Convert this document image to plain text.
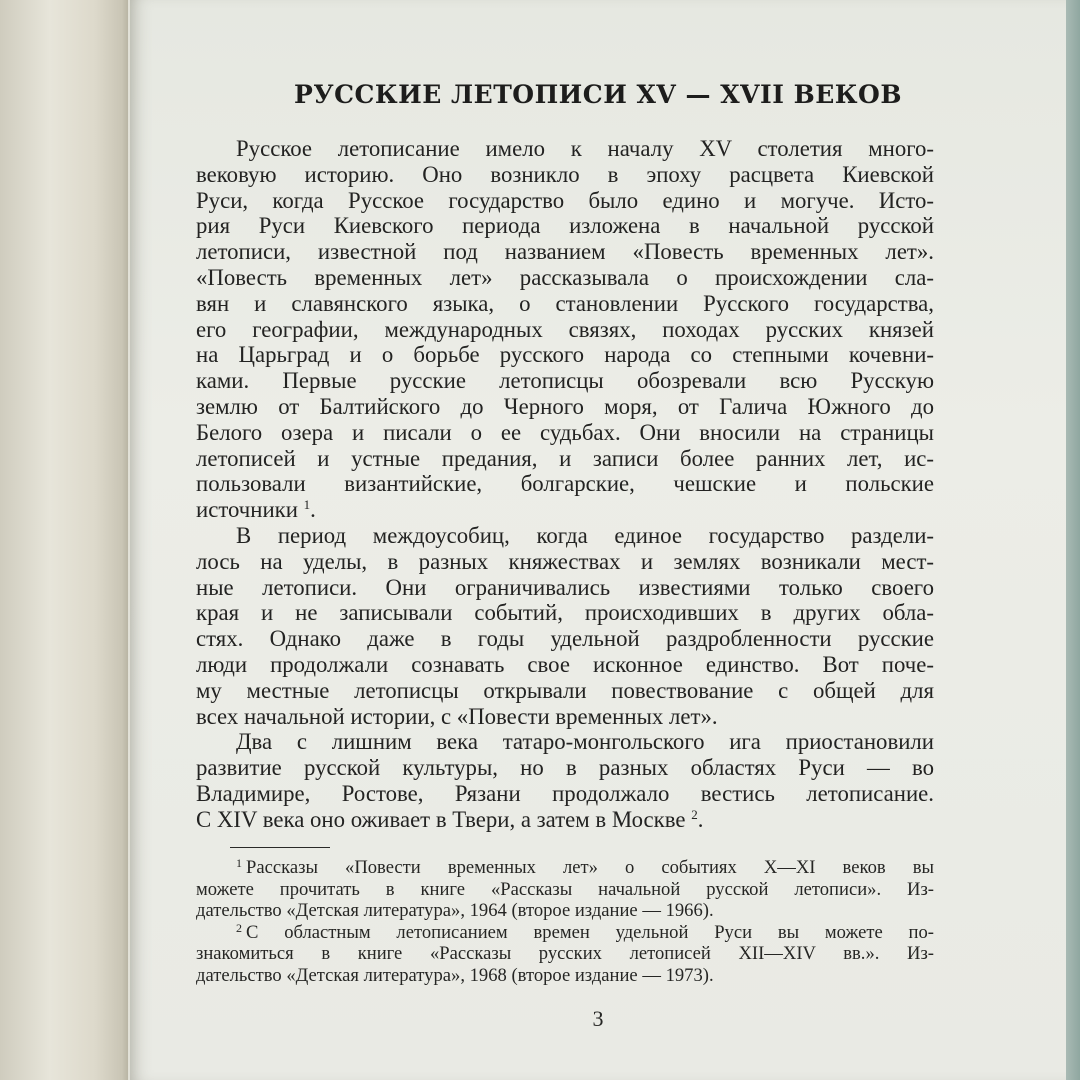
РУССКИЕ ЛЕТОПИСИ XV — XVII ВЕКОВ
Русское летописание имело к началу XV столетия много-
вековую историю. Оно возникло в эпоху расцвета Киевской
Руси, когда Русское государство было едино и могуче. Исто-
рия Руси Киевского периода изложена в начальной русской
летописи, известной под названием «Повесть временных лет».
«Повесть временных лет» рассказывала о происхождении сла-
вян и славянского языка, о становлении Русского государства,
его географии, международных связях, походах русских князей
на Царьград и о борьбе русского народа со степными кочевни-
ками. Первые русские летописцы обозревали всю Русскую
землю от Балтийского до Черного моря, от Галича Южного до
Белого озера и писали о ее судьбах. Они вносили на страницы
летописей и устные предания, и записи более ранних лет, ис-
пользовали византийские, болгарские, чешские и польские
источники $^1$.
В период междоусобиц, когда единое государство раздели-
лось на уделы, в разных княжествах и землях возникали мест-
ные летописи. Они ограничивались известиями только своего
края и не записывали событий, происходивших в других обла-
стях. Однако даже в годы удельной раздробленности русские
люди продолжали сознавать свое исконное единство. Вот поче-
му местные летописцы открывали повествование с общей для
всех начальной истории, с «Повести временных лет».
Два с лишним века татаро-монгольского ига приостановили
развитие русской культуры, но в разных областях Руси — во
Владимире, Ростове, Рязани продолжало вестись летописание.
С XIV века оно оживает в Твери, а затем в Москве $^2$.
$^1$ Рассказы «Повести временных лет» о событиях X—XI веков вы
можете прочитать в книге «Рассказы начальной русской летописи». Из-
дательство «Детская литература», 1964 (второе издание — 1966).
$^2$ С областным летописанием времен удельной Руси вы можете по-
знакомиться в книге «Рассказы русских летописей XII—XIV вв.». Из-
дательство «Детская литература», 1968 (второе издание — 1973).
3
